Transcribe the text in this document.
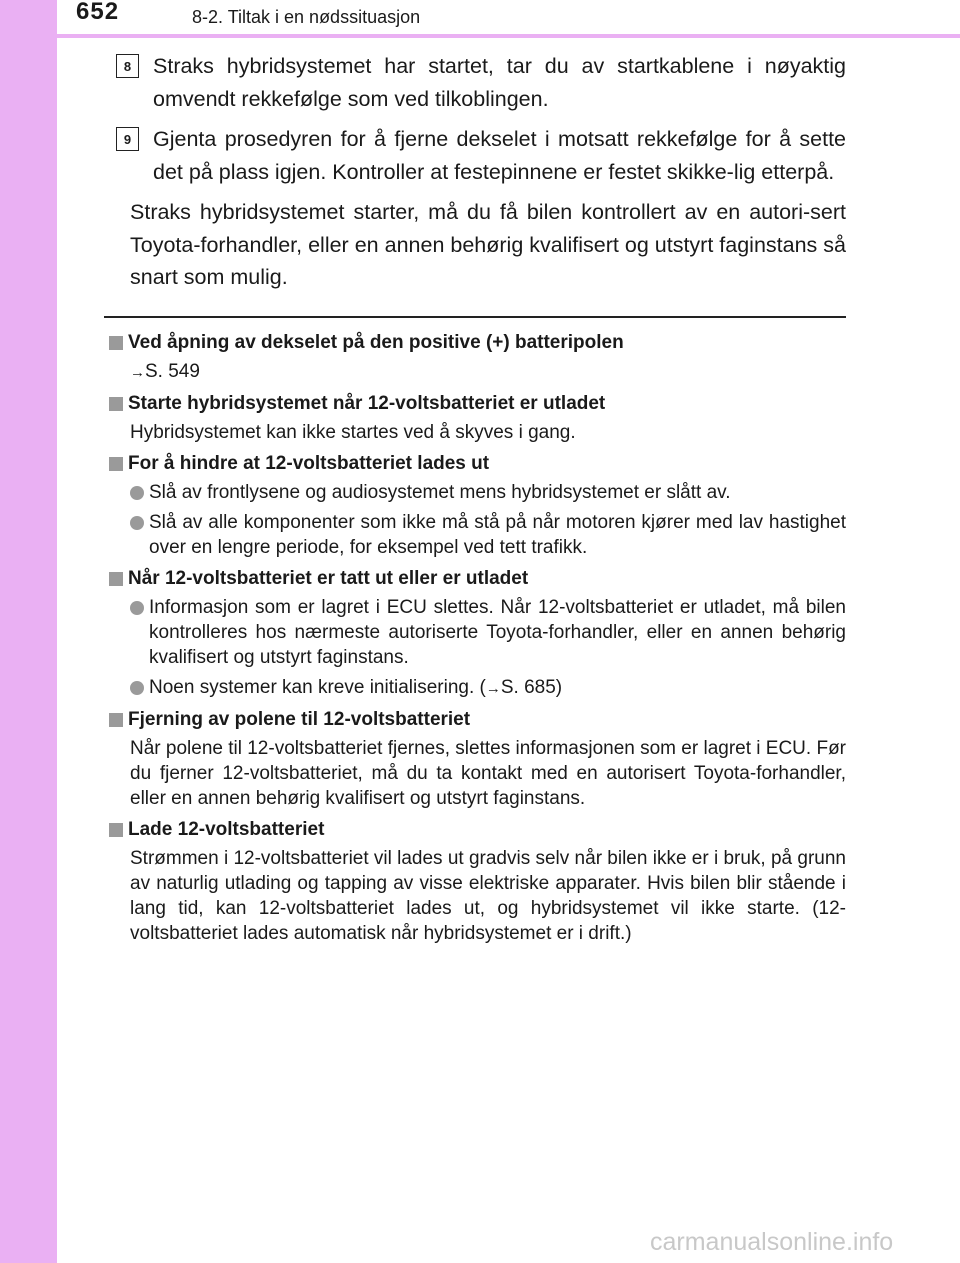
652	8-2. Tiltak i en nødssituasjon
8	Straks hybridsystemet har startet, tar du av startkablene i nøyaktig omvendt rekkefølge som ved tilkoblingen.
9	Gjenta prosedyren for å fjerne dekselet i motsatt rekkefølge for å sette det på plass igjen. Kontroller at festepinnene er festet skikke-lig etterpå.
Straks hybridsystemet starter, må du få bilen kontrollert av en autori-sert Toyota-forhandler, eller en annen behørig kvalifisert og utstyrt faginstans så snart som mulig.
Ved åpning av dekselet på den positive (+) batteripolen
→S. 549
Starte hybridsystemet når 12-voltsbatteriet er utladet
Hybridsystemet kan ikke startes ved å skyves i gang.
For å hindre at 12-voltsbatteriet lades ut
Slå av frontlysene og audiosystemet mens hybridsystemet er slått av.
Slå av alle komponenter som ikke må stå på når motoren kjører med lav hastighet over en lengre periode, for eksempel ved tett trafikk.
Når 12-voltsbatteriet er tatt ut eller er utladet
Informasjon som er lagret i ECU slettes. Når 12-voltsbatteriet er utladet, må bilen kontrolleres hos nærmeste autoriserte Toyota-forhandler, eller en annen behørig kvalifisert og utstyrt faginstans.
Noen systemer kan kreve initialisering. (→S. 685)
Fjerning av polene til 12-voltsbatteriet
Når polene til 12-voltsbatteriet fjernes, slettes informasjonen som er lagret i ECU. Før du fjerner 12-voltsbatteriet, må du ta kontakt med en autorisert Toyota-forhandler, eller en annen behørig kvalifisert og utstyrt faginstans.
Lade 12-voltsbatteriet
Strømmen i 12-voltsbatteriet vil lades ut gradvis selv når bilen ikke er i bruk, på grunn av naturlig utlading og tapping av visse elektriske apparater. Hvis bilen blir stående i lang tid, kan 12-voltsbatteriet lades ut, og hybridsystemet vil ikke starte. (12-voltsbatteriet lades automatisk når hybridsystemet er i drift.)
carmanualsonline.info
